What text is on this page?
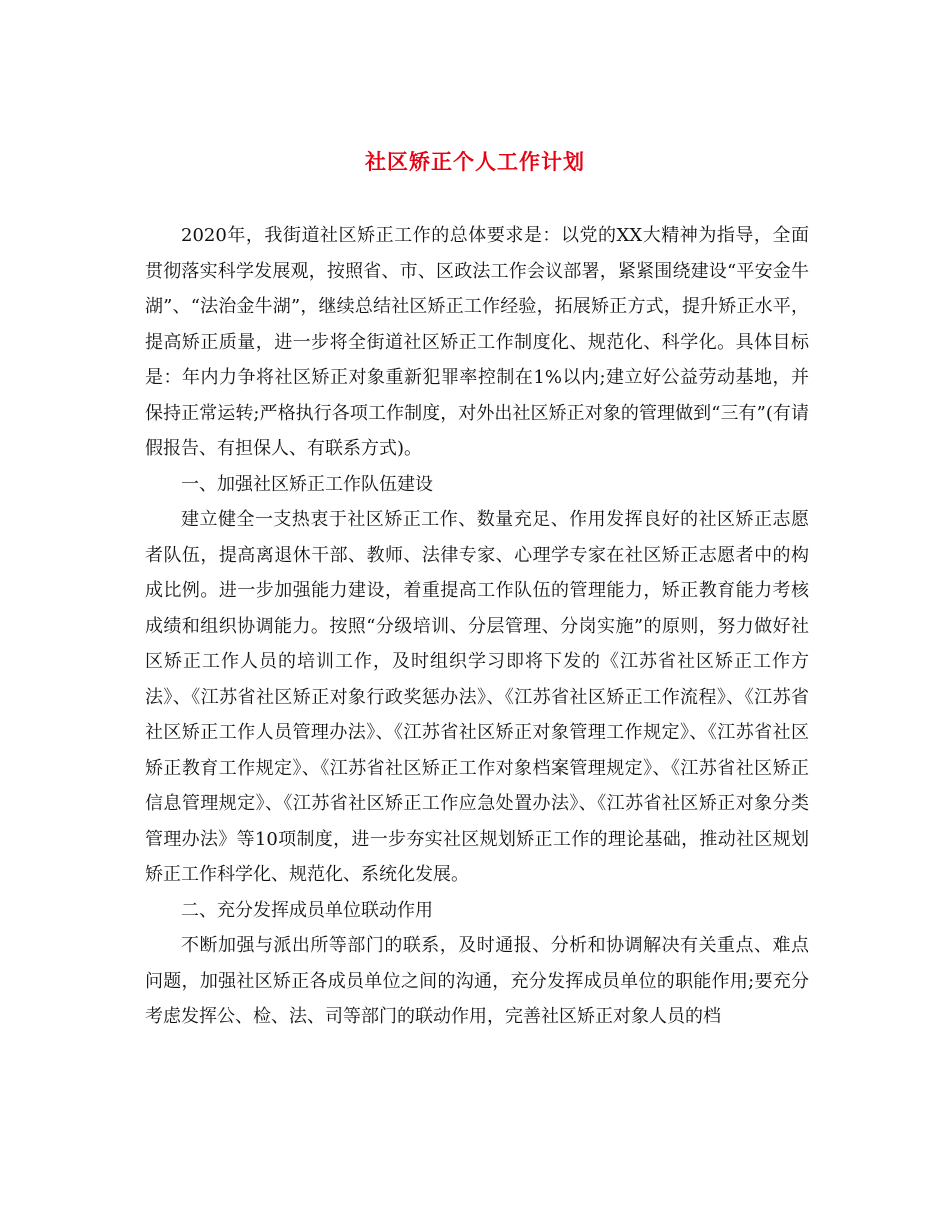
社区矫正个人工作计划

2020年，我街道社区矫正工作的总体要求是：以党的XX大精神为指导，全面贯彻落实科学发展观，按照省、市、区政法工作会议部署，紧紧围绕建设“平安金牛湖”、“法治金牛湖”，继续总结社区矫正工作经验，拓展矫正方式，提升矫正水平，提高矫正质量，进一步将全街道社区矫正工作制度化、规范化、科学化。具体目标是：年内力争将社区矫正对象重新犯罪率控制在1%以内;建立好公益劳动基地，并保持正常运转;严格执行各项工作制度，对外出社区矫正对象的管理做到“三有”(有请假报告、有担保人、有联系方式)。

一、加强社区矫正工作队伍建设

建立健全一支热衷于社区矫正工作、数量充足、作用发挥良好的社区矫正志愿者队伍，提高离退休干部、教师、法律专家、心理学专家在社区矫正志愿者中的构成比例。进一步加强能力建设，着重提高工作队伍的管理能力，矫正教育能力考核成绩和组织协调能力。按照“分级培训、分层管理、分岗实施”的原则，努力做好社区矫正工作人员的培训工作，及时组织学习即将下发的《江苏省社区矫正工作方法》、《江苏省社区矫正对象行政奖惩办法》、《江苏省社区矫正工作流程》、《江苏省社区矫正工作人员管理办法》、《江苏省社区矫正对象管理工作规定》、《江苏省社区矫正教育工作规定》、《江苏省社区矫正工作对象档案管理规定》、《江苏省社区矫正信息管理规定》、《江苏省社区矫正工作应急处置办法》、《江苏省社区矫正对象分类管理办法》等10项制度，进一步夯实社区规划矫正工作的理论基础，推动社区规划矫正工作科学化、规范化、系统化发展。

二、充分发挥成员单位联动作用

不断加强与派出所等部门的联系，及时通报、分析和协调解决有关重点、难点问题，加强社区矫正各成员单位之间的沟通，充分发挥成员单位的职能作用;要充分考虑发挥公、检、法、司等部门的联动作用，完善社区矫正对象人员的档
